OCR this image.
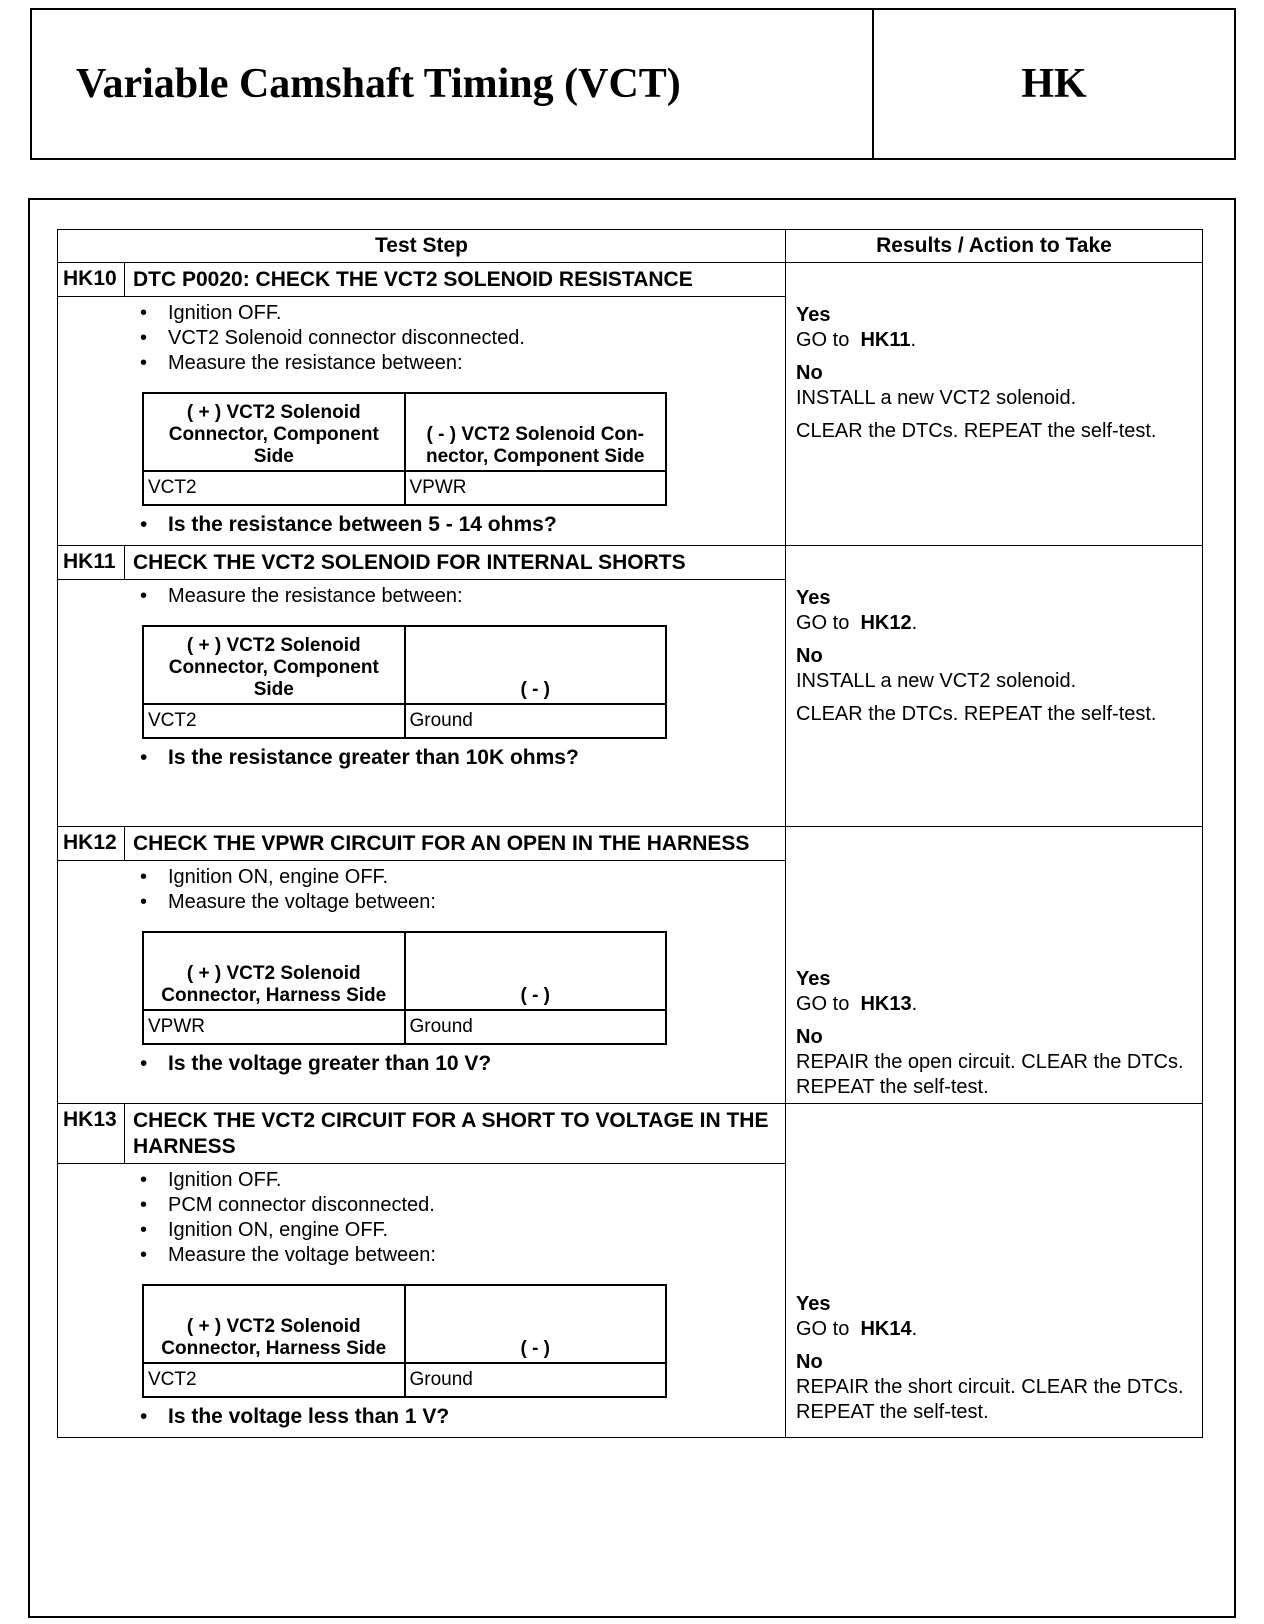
Variable Camshaft Timing (VCT)	HK
Test Step	Results / Action to Take

HK10 DTC P0020: CHECK THE VCT2 SOLENOID RESISTANCE
• Ignition OFF.
• VCT2 Solenoid connector disconnected.
• Measure the resistance between:
( + ) VCT2 Solenoid Connector, Component Side	( - ) VCT2 Solenoid Con-nector, Component Side
VCT2	VPWR
• Is the resistance between 5 - 14 ohms?

Yes

GO to HK11.

No

INSTALL a new VCT2 solenoid.

CLEAR the DTCs. REPEAT the self-test.

HK11 CHECK THE VCT2 SOLENOID FOR INTERNAL SHORTS
• Measure the resistance between:
( + ) VCT2 Solenoid Connector, Component Side	( - )
VCT2	Ground
• Is the resistance greater than 10K ohms?

Yes

GO to HK12.

No

INSTALL a new VCT2 solenoid.

CLEAR the DTCs. REPEAT the self-test.

HK12 CHECK THE VPWR CIRCUIT FOR AN OPEN IN THE HARNESS
• Ignition ON, engine OFF.
• Measure the voltage between:
( + ) VCT2 Solenoid Connector, Harness Side	( - )
VPWR	Ground
• Is the voltage greater than 10 V?

Yes

GO to HK13.

No

REPAIR the open circuit. CLEAR the DTCs. REPEAT the self-test.

HK13 CHECK THE VCT2 CIRCUIT FOR A SHORT TO VOLTAGE IN THE HARNESS
• Ignition OFF.
• PCM connector disconnected.
• Ignition ON, engine OFF.
• Measure the voltage between:
( + ) VCT2 Solenoid Connector, Harness Side	( - )
VCT2	Ground
• Is the voltage less than 1 V?

Yes

GO to HK14.

No

REPAIR the short circuit. CLEAR the DTCs. REPEAT the self-test.
